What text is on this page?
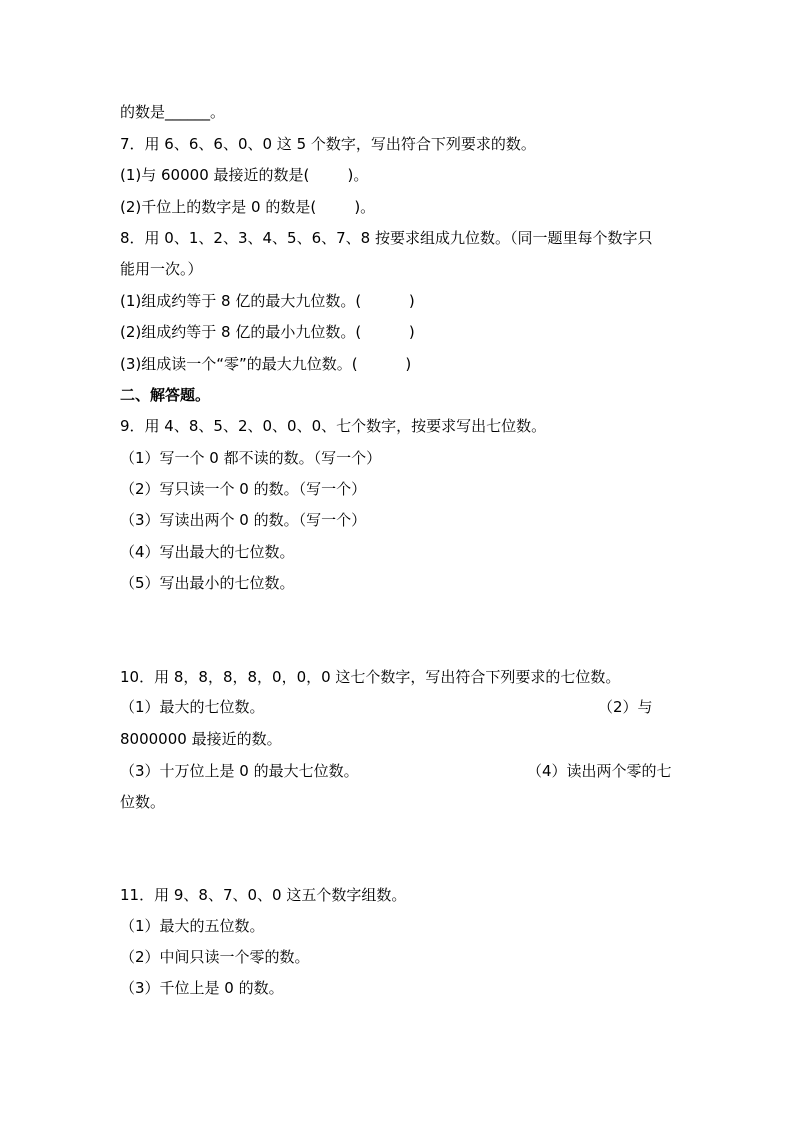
的数是______。
7．用 6、6、6、0、0 这 5 个数字，写出符合下列要求的数。
(1)与 60000 最接近的数是(        )。
(2)千位上的数字是 0 的数是(        )。
8．用 0、1、2、3、4、5、6、7、8 按要求组成九位数。（同一题里每个数字只
能用一次。）
(1)组成约等于 8 亿的最大九位数。(          )
(2)组成约等于 8 亿的最小九位数。(          )
(3)组成读一个“零”的最大九位数。(          )
二、解答题。
9．用 4、8、5、2、0、0、0、七个数字，按要求写出七位数。
（1）写一个 0 都不读的数。（写一个）
（2）写只读一个 0 的数。（写一个）
（3）写读出两个 0 的数。（写一个）
（4）写出最大的七位数。
（5）写出最小的七位数。
10．用 8，8，8，8，0，0，0 这七个数字，写出符合下列要求的七位数。
（1）最大的七位数。	（2）与
8000000 最接近的数。
（3）十万位上是 0 的最大七位数。	（4）读出两个零的七
位数。
11．用 9、8、7、0、0 这五个数字组数。
（1）最大的五位数。
（2）中间只读一个零的数。
（3）千位上是 0 的数。
